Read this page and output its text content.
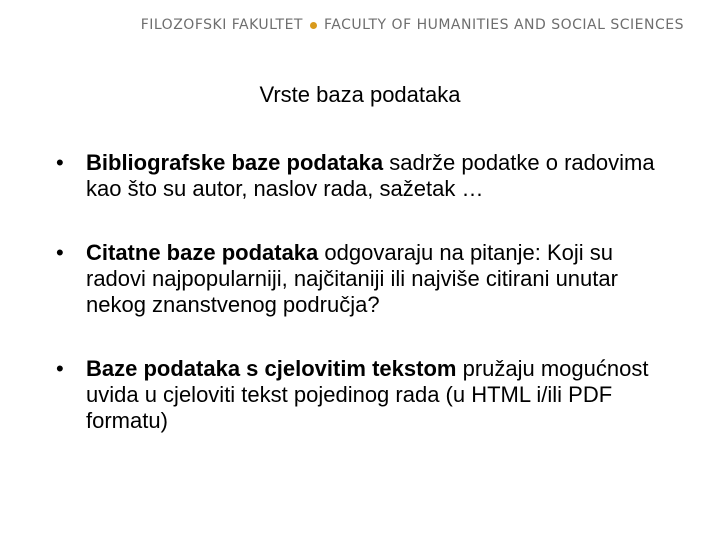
FILOZOFSKI FAKULTET FACULTY OF HUMANITIES AND SOCIAL SCIENCES
Vrste baza podataka
• Bibliografske baze podataka sadrže podatke o radovima kao što su autor, naslov rada, sažetak …
• Citatne baze podataka odgovaraju na pitanje: Koji su radovi najpopularniji, najčitaniji ili najviše citirani unutar nekog znanstvenog područja?
• Baze podataka s cjelovitim tekstom pružaju mogućnost uvida u cjeloviti tekst pojedinog rada (u HTML i/ili PDF formatu)
